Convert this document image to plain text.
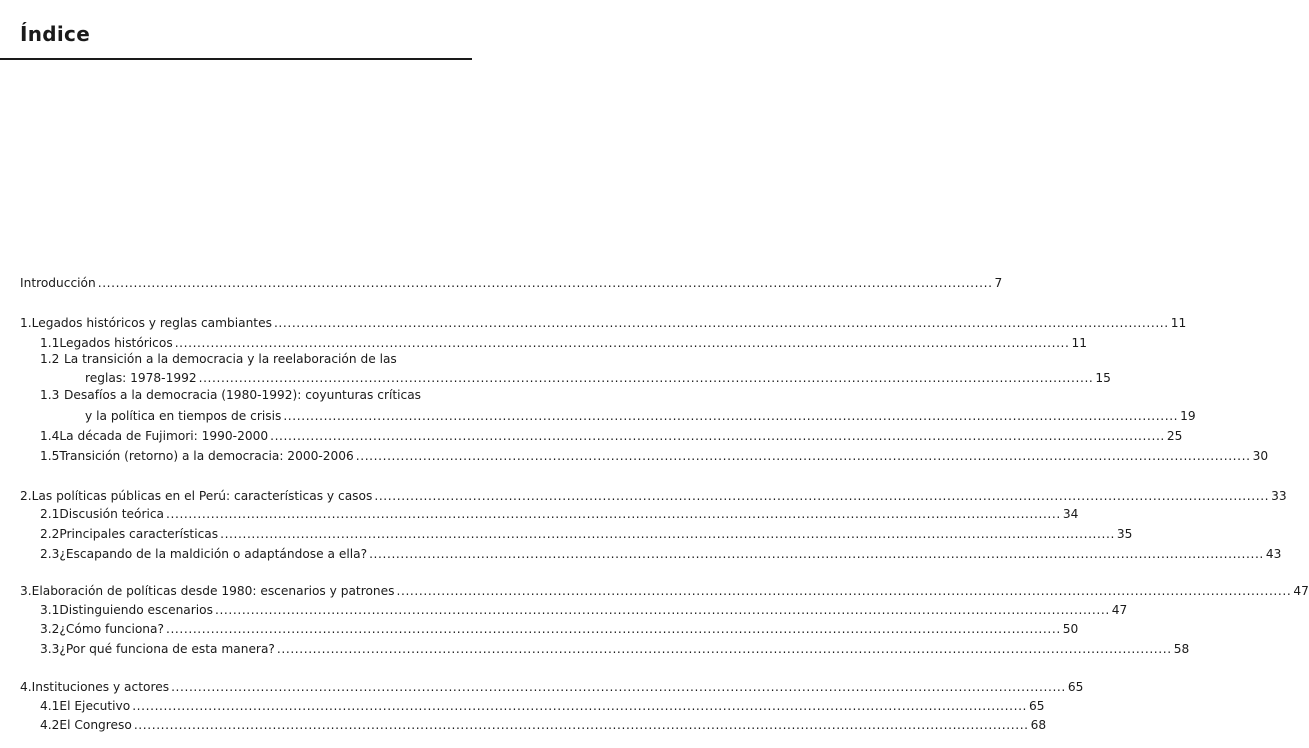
Índice
Introducción ........................................................................................................................................................................................................ 7
1. Legados históricos y reglas cambiantes ........................................................................................................................................................................................................ 11
1.1 Legados históricos ........................................................................................................................................................................................................ 11
1.2 La transición a la democracia y la reelaboración de las
reglas: 1978-1992 ........................................................................................................................................................................................................ 15
1.3 Desafíos a la democracia (1980-1992): coyunturas críticas
y la política en tiempos de crisis ........................................................................................................................................................................................................ 19
1.4 La década de Fujimori: 1990-2000 ........................................................................................................................................................................................................ 25
1.5 Transición (retorno) a la democracia: 2000-2006 ........................................................................................................................................................................................................ 30
2. Las políticas públicas en el Perú: características y casos ........................................................................................................................................................................................................ 33
2.1 Discusión teórica ........................................................................................................................................................................................................ 34
2.2 Principales características ........................................................................................................................................................................................................ 35
2.3 ¿Escapando de la maldición o adaptándose a ella? ........................................................................................................................................................................................................ 43
3. Elaboración de políticas desde 1980: escenarios y patrones ........................................................................................................................................................................................................ 47
3.1 Distinguiendo escenarios ........................................................................................................................................................................................................ 47
3.2 ¿Cómo funciona? ........................................................................................................................................................................................................ 50
3.3 ¿Por qué funciona de esta manera? ........................................................................................................................................................................................................ 58
4. Instituciones y actores ........................................................................................................................................................................................................ 65
4.1 El Ejecutivo ........................................................................................................................................................................................................ 65
4.2 El Congreso ........................................................................................................................................................................................................ 68
